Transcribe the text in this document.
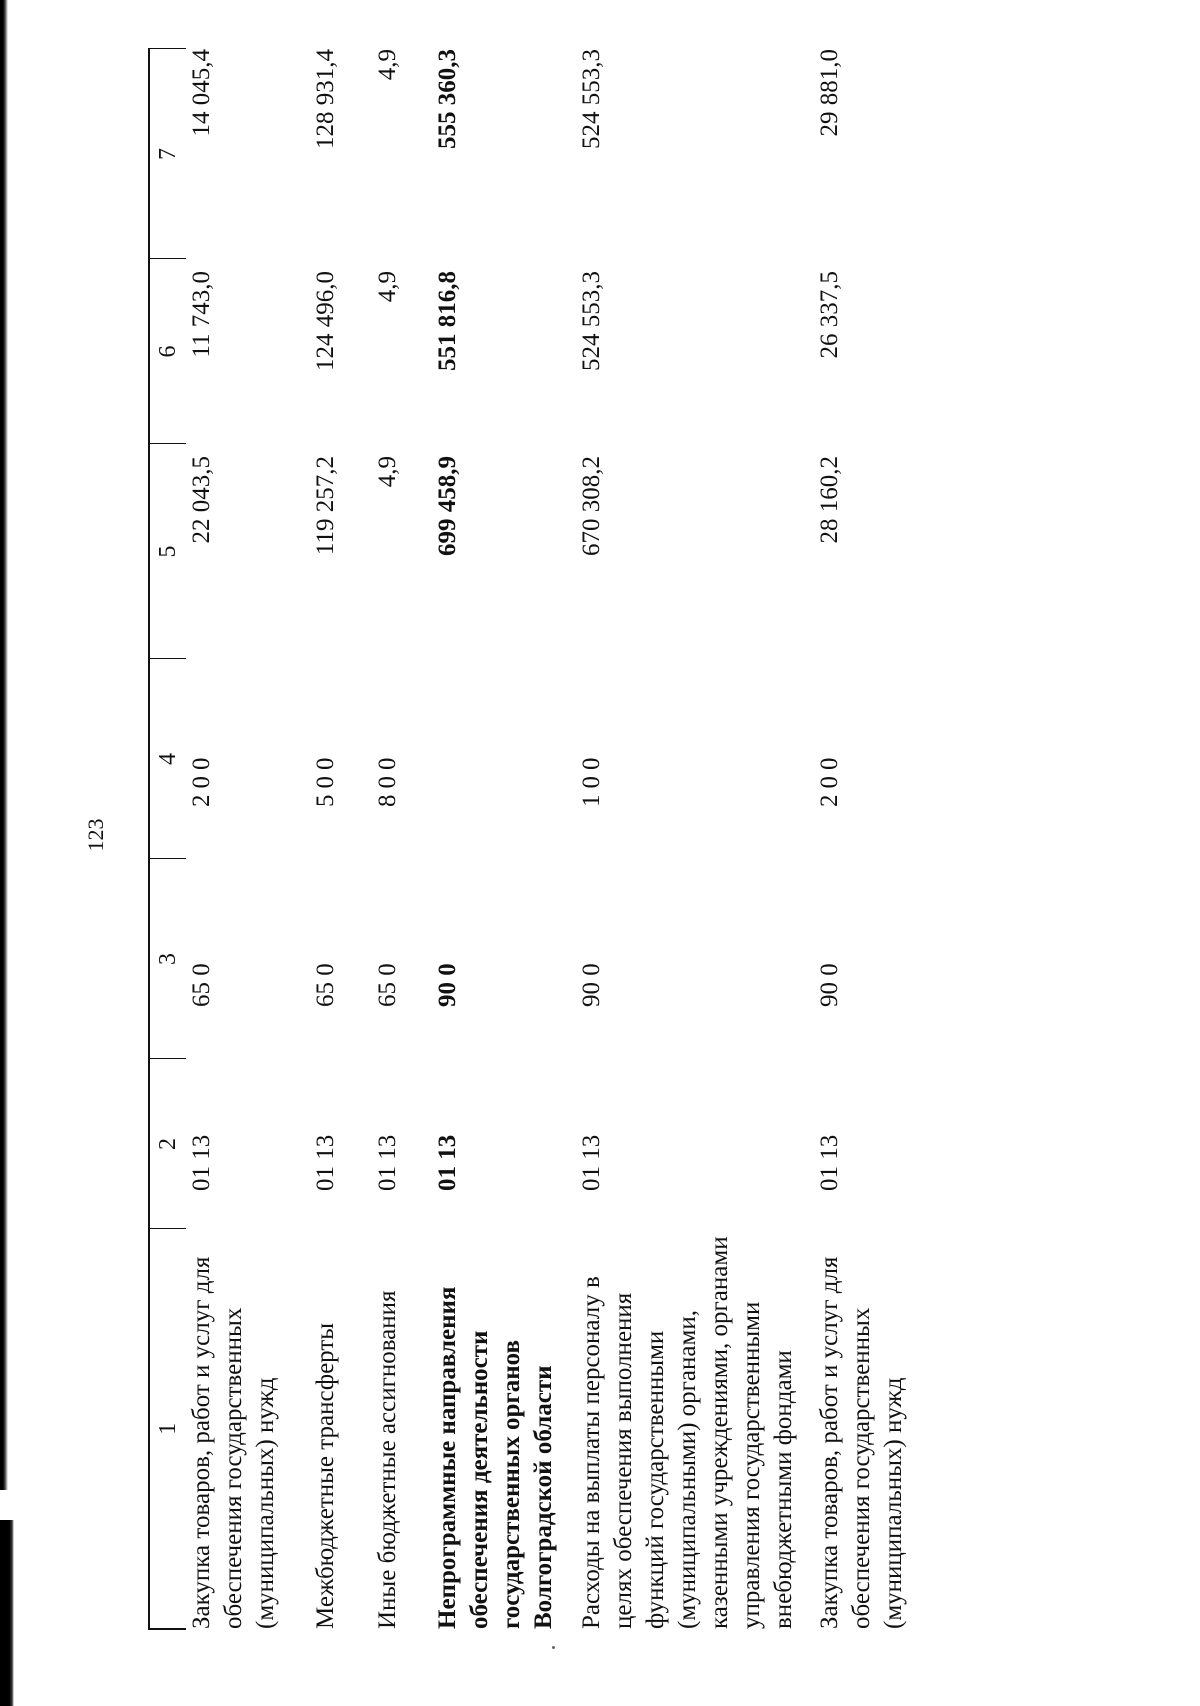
123
1	2	3	4	5	6	7
Закупка товаров, работ и услуг для обеспечения государственных (муниципальных) нужд	01 13	65 0	200	22 043,5	11 743,0	14 045,4
Межбюджетные трансферты	01 13	65 0	500	119 257,2	124 496,0	128 931,4
Иные бюджетные ассигнования	01 13	65 0	800	4,9	4,9	4,9
Непрограммные направления обеспечения деятельности государственных органов Волгоградской области	01 13	90 0		699 458,9	551 816,8	555 360,3
Расходы на выплаты персоналу в целях обеспечения выполнения функций государственными (муниципальными) органами, казенными учреждениями, органами управления государственными внебюджетными фондами	01 13	90 0	100	670 308,2	524 553,3	524 553,3
Закупка товаров, работ и услуг для обеспечения государственных (муниципальных) нужд	01 13	90 0	200	28 160,2	26 337,5	29 881,0
